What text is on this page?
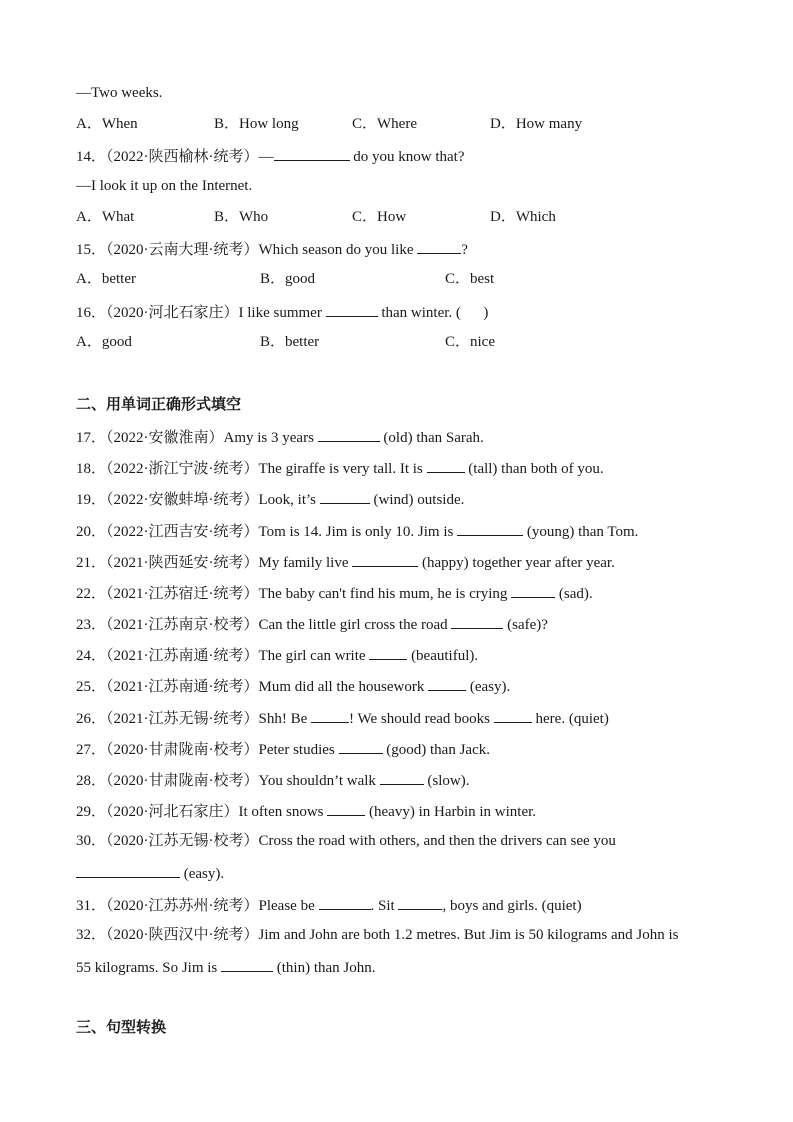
—Two weeks.
A．When	B．How long	C．Where	D．How many
14．（2022·陕西榆林·统考）—	do you know that?
—I look it up on the Internet.
A．What	B．Who	C．How	D．Which
15．（2020·云南大理·统考）Which season do you like	?
A．better	B．good	C．best
16．（2020·河北石家庄）I like summer	than winter. (      )
A．good	B．better	C．nice
二、用单词正确形式填空
17．（2022·安徽淮南）Amy is 3 years	(old) than Sarah.
18．（2022·浙江宁波·统考）The giraffe is very tall. It is	(tall) than both of you.
19．（2022·安徽蚌埠·统考）Look, it’s	(wind) outside.
20．（2022·江西吉安·统考）Tom is 14. Jim is only 10. Jim is	(young) than Tom.
21．（2021·陕西延安·统考）My family live	(happy) together year after year.
22．（2021·江苏宿迁·统考）The baby can't find his mum, he is crying	(sad).
23．（2021·江苏南京·校考）Can the little girl cross the road	(safe)?
24．（2021·江苏南通·统考）The girl can write	(beautiful).
25．（2021·江苏南通·统考）Mum did all the housework	(easy).
26．（2021·江苏无锡·统考）Shh! Be	! We should read books	here. (quiet)
27．（2020·甘肃陇南·校考）Peter studies	(good) than Jack.
28．（2020·甘肃陇南·校考）You shouldn’t walk	(slow).
29．（2020·河北石家庄）It often snows	(heavy) in Harbin in winter.
30．（2020·江苏无锡·校考）Cross the road with others, and then the drivers can see you
(easy).
31．（2020·江苏苏州·统考）Please be	. Sit	, boys and girls. (quiet)
32．（2020·陕西汉中·统考）Jim and John are both 1.2 metres. But Jim is 50 kilograms and John is
55 kilograms. So Jim is	(thin) than John.
三、句型转换
